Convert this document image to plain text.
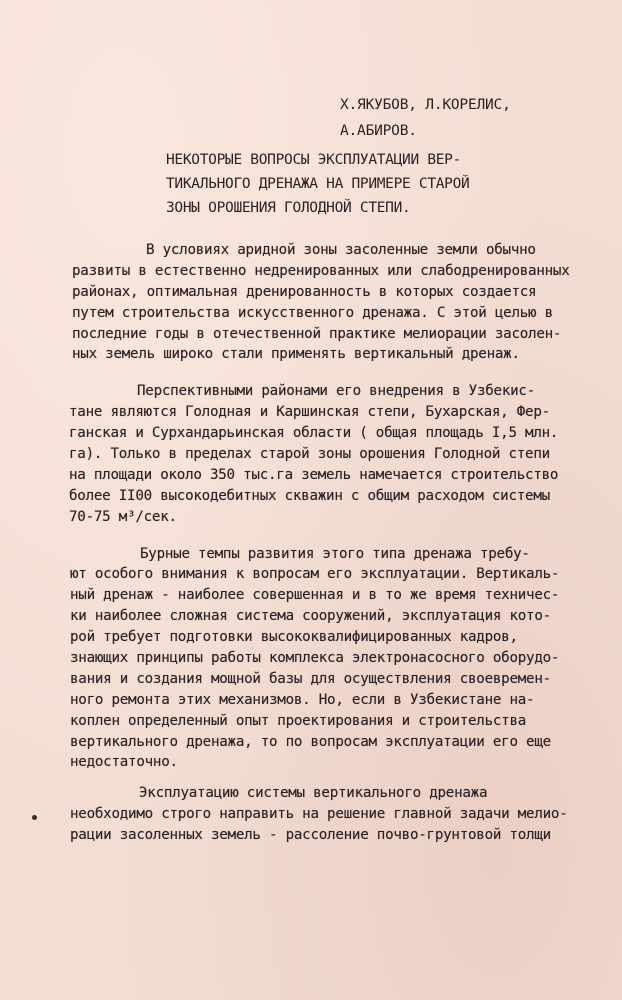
Х.ЯКУБОВ, Л.КОРЕЛИС,
А.АБИРОВ.
НЕКОТОРЫЕ ВОПРОСЫ ЭКСПЛУАТАЦИИ ВЕР-
ТИКАЛЬНОГО ДРЕНАЖА НА ПРИМЕРЕ СТАРОЙ
ЗОНЫ ОРОШЕНИЯ ГОЛОДНОЙ СТЕПИ.
В условиях аридной зоны засоленные земли обычно
развиты в естественно недренированных или слабодренированных
районах, оптимальная дренированность в которых создается
путем строительства искусственного дренажа. С этой целью в
последние годы в отечественной практике мелиорации засолен-
ных земель широко стали применять вертикальный дренаж.
Перспективными районами его внедрения в Узбекис-
тане являются Голодная и Каршинская степи, Бухарская, Фер-
ганская и Сурхандарьинская области ( общая площадь I,5 млн.
га). Только в пределах старой зоны орошения Голодной степи
на площади около 350 тыс.га земель намечается строительство
более II00 высокодебитных скважин с общим расходом системы
70-75 м³/сек.
Бурные темпы развития этого типа дренажа требу-
ют особого внимания к вопросам его эксплуатации. Вертикаль-
ный дренаж - наиболее совершенная и в то же время техничес-
ки наиболее сложная система сооружений, эксплуатация кото-
рой требует подготовки высококвалифицированных кадров,
знающих принципы работы комплекса электронасосного оборудо-
вания и создания мощной базы для осуществления своевремен-
ного ремонта этих механизмов. Но, если в Узбекистане на-
коплен определенный опыт проектирования и строительства
вертикального дренажа, то по вопросам эксплуатации его еще
недостаточно.
Эксплуатацию системы вертикального дренажа
необходимо строго направить на решение главной задачи мелио-
рации засоленных земель - рассоление почво-грунтовой толщи
